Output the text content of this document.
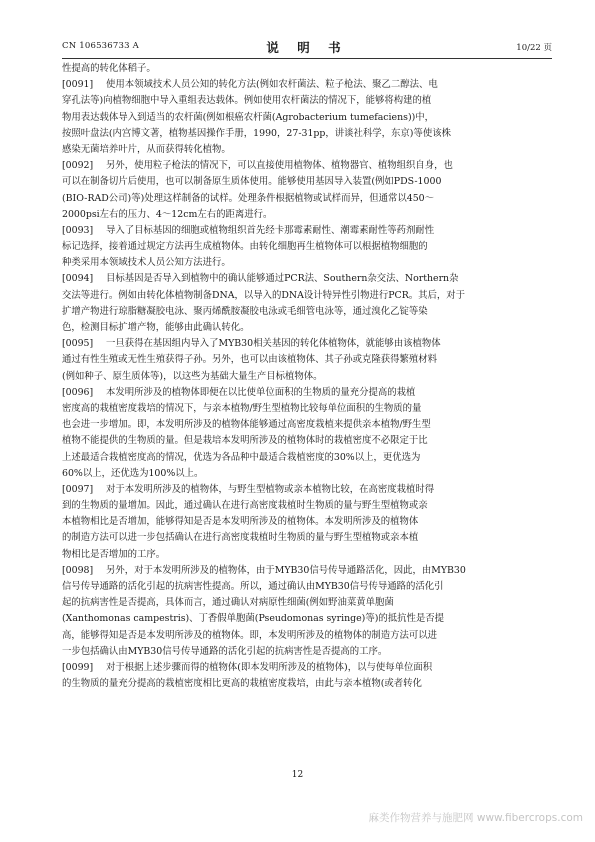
CN 106536733 A	说 明 书	10/22 页
性提高的转化体稻子。
[0091] 使用本领域技术人员公知的转化方法(例如农杆菌法、粒子枪法、聚乙二醇法、电
穿孔法等)向植物细胞中导入重组表达载体。例如使用农杆菌法的情况下，能够将构建的植
物用表达载体导入到适当的农杆菌(例如根癌农杆菌(Agrobacterium tumefaciens))中，
按照叶盘法(内宫博文著，植物基因操作手册，1990，27-31pp，讲谈社科学，东京)等使该株
感染无菌培养叶片，从而获得转化植物。
[0092] 另外，使用粒子枪法的情况下，可以直接使用植物体、植物器官、植物组织自身，也
可以在制备切片后使用，也可以制备原生质体使用。能够使用基因导入装置(例如PDS-1000
(BIO-RAD公司)等)处理这样制备的试样。处理条件根据植物或试样而异，但通常以450～
2000psi左右的压力、4～12cm左右的距离进行。
[0093] 导入了目标基因的细胞或植物组织首先经卡那霉素耐性、潮霉素耐性等药剂耐性
标记选择，接着通过规定方法再生成植物体。由转化细胞再生植物体可以根据植物细胞的
种类采用本领域技术人员公知方法进行。
[0094] 目标基因是否导入到植物中的确认能够通过PCR法、Southern杂交法、Northern杂
交法等进行。例如由转化体植物制备DNA，以导入的DNA设计特异性引物进行PCR。其后，对于
扩增产物进行琼脂糖凝胶电泳、聚丙烯酰胺凝胶电泳或毛细管电泳等，通过溴化乙锭等染
色，检测目标扩增产物，能够由此确认转化。
[0095] 一旦获得在基因组内导入了MYB30相关基因的转化体植物体，就能够由该植物体
通过有性生殖或无性生殖获得子孙。另外，也可以由该植物体、其子孙或克隆获得繁殖材料
(例如种子、原生质体等)，以这些为基础大量生产目标植物体。
[0096] 本发明所涉及的植物体即便在以比使单位面积的生物质的量充分提高的栽植
密度高的栽植密度栽培的情况下，与亲本植物/野生型植物比较每单位面积的生物质的量
也会进一步增加。即，本发明所涉及的植物体能够通过高密度栽植来提供亲本植物/野生型
植物不能提供的生物质的量。但是栽培本发明所涉及的植物体时的栽植密度不必限定于比
上述最适合栽植密度高的情况，优选为各品种中最适合栽植密度的30%以上，更优选为
60%以上，还优选为100%以上。
[0097] 对于本发明所涉及的植物体，与野生型植物或亲本植物比较，在高密度栽植时得
到的生物质的量增加。因此，通过确认在进行高密度栽植时生物质的量与野生型植物或亲
本植物相比是否增加，能够得知是否是本发明所涉及的植物体。本发明所涉及的植物体
的制造方法可以进一步包括确认在进行高密度栽植时生物质的量与野生型植物或亲本植
物相比是否增加的工序。
[0098] 另外，对于本发明所涉及的植物体，由于MYB30信号传导通路活化，因此，由MYB30
信号传导通路的活化引起的抗病害性提高。所以，通过确认由MYB30信号传导通路的活化引
起的抗病害性是否提高，具体而言，通过确认对病原性细菌(例如野油菜黄单胞菌
(Xanthomonas campestris)、丁香假单胞菌(Pseudomonas syringe)等)的抵抗性是否提
高，能够得知是否是本发明所涉及的植物体。即，本发明所涉及的植物体的制造方法可以进
一步包括确认由MYB30信号传导通路的活化引起的抗病害性是否提高的工序。
[0099] 对于根据上述步骤而得的植物体(即本发明所涉及的植物体)，以与使每单位面积
的生物质的量充分提高的栽植密度相比更高的栽植密度栽培，由此与亲本植物(或者转化
12
麻类作物营养与施肥网 www.fibercrops.com
